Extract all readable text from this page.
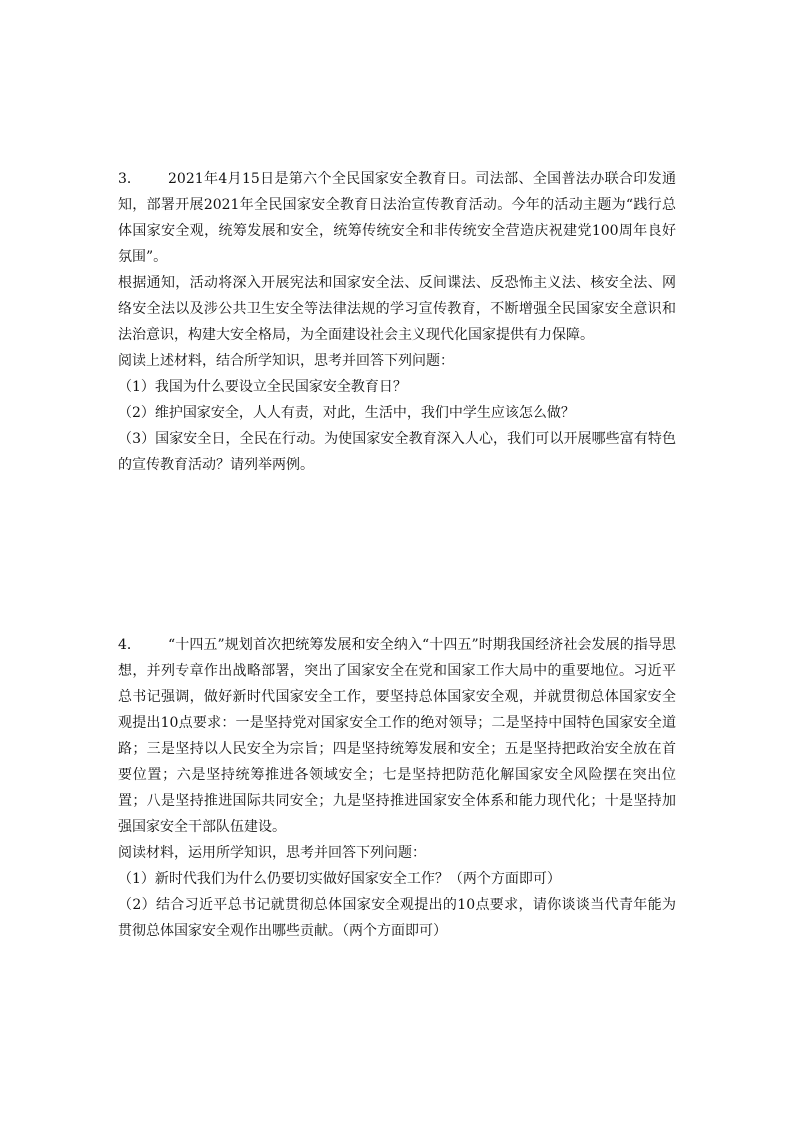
3． 2021年4月15日是第六个全民国家安全教育日。司法部、全国普法办联合印发通知，部署开展2021年全民国家安全教育日法治宣传教育活动。今年的活动主题为“践行总体国家安全观，统筹发展和安全，统筹传统安全和非传统安全营造庆祝建党100周年良好氛围”。

根据通知，活动将深入开展宪法和国家安全法、反间谍法、反恐怖主义法、核安全法、网络安全法以及涉公共卫生安全等法律法规的学习宣传教育，不断增强全民国家安全意识和法治意识，构建大安全格局，为全面建设社会主义现代化国家提供有力保障。

阅读上述材料，结合所学知识，思考并回答下列问题：

（1）我国为什么要设立全民国家安全教育日？

（2）维护国家安全，人人有责，对此，生活中，我们中学生应该怎么做？

（3）国家安全日，全民在行动。为使国家安全教育深入人心，我们可以开展哪些富有特色的宣传教育活动？请列举两例。

4． “十四五”规划首次把统筹发展和安全纳入“十四五”时期我国经济社会发展的指导思想，并列专章作出战略部署，突出了国家安全在党和国家工作大局中的重要地位。习近平总书记强调，做好新时代国家安全工作，要坚持总体国家安全观，并就贯彻总体国家安全观提出10点要求：一是坚持党对国家安全工作的绝对领导；二是坚持中国特色国家安全道路；三是坚持以人民安全为宗旨；四是坚持统筹发展和安全；五是坚持把政治安全放在首要位置；六是坚持统筹推进各领域安全；七是坚持把防范化解国家安全风险摆在突出位置；八是坚持推进国际共同安全；九是坚持推进国家安全体系和能力现代化；十是坚持加强国家安全干部队伍建设。

阅读材料，运用所学知识，思考并回答下列问题：

（1）新时代我们为什么仍要切实做好国家安全工作？（两个方面即可）

（2）结合习近平总书记就贯彻总体国家安全观提出的10点要求，请你谈谈当代青年能为贯彻总体国家安全观作出哪些贡献。（两个方面即可）
